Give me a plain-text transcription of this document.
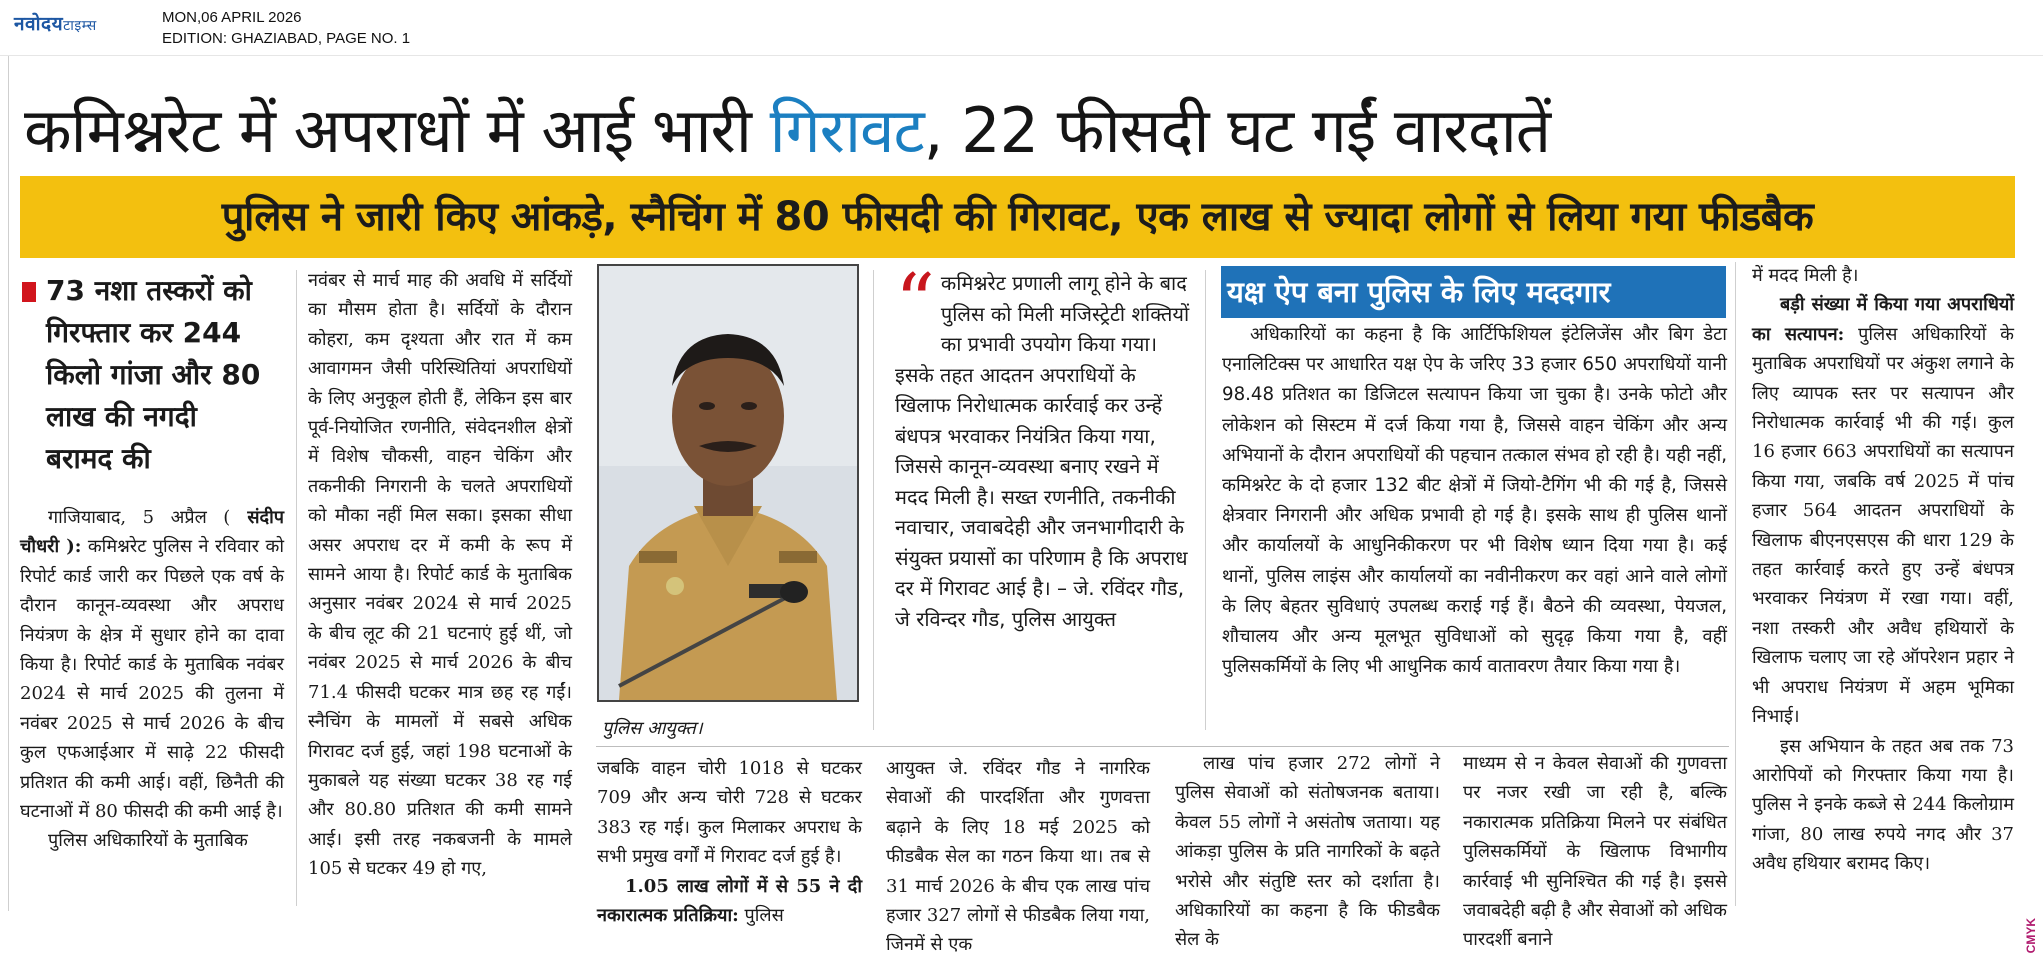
नवोदयटाइम्स	MON,06 APRIL 2026
EDITION: GHAZIABAD, PAGE NO. 1
कमिश्नरेट में अपराधों में आई भारी गिरावट, 22 फीसदी घट गईं वारदातें
पुलिस ने जारी किए आंकड़े, स्नैचिंग में 80 फीसदी की गिरावट, एक लाख से ज्यादा लोगों से लिया गया फीडबैक
73 नशा तस्करों को गिरफ्तार कर 244 किलो गांजा और 80 लाख की नगदी बरामद की

गाजियाबाद, 5 अप्रैल ( संदीप चौधरी ): कमिश्नरेट पुलिस ने रविवार को रिपोर्ट कार्ड जारी कर पिछले एक वर्ष के दौरान कानून-व्यवस्था और अपराध नियंत्रण के क्षेत्र में सुधार होने का दावा किया है। रिपोर्ट कार्ड के मुताबिक नवंबर 2024 से मार्च 2025 की तुलना में नवंबर 2025 से मार्च 2026 के बीच कुल एफआईआर में साढ़े 22 फीसदी प्रतिशत की कमी आई। वहीं, छिनैती की घटनाओं में 80 फीसदी की कमी आई है।

पुलिस अधिकारियों के मुताबिक

नवंबर से मार्च माह की अवधि में सर्दियों का मौसम होता है। सर्दियों के दौरान कोहरा, कम दृश्यता और रात में कम आवागमन जैसी परिस्थितियां अपराधियों के लिए अनुकूल होती हैं, लेकिन इस बार पूर्व-नियोजित रणनीति, संवेदनशील क्षेत्रों में विशेष चौकसी, वाहन चेकिंग और तकनीकी निगरानी के चलते अपराधियों को मौका नहीं मिल सका। इसका सीधा असर अपराध दर में कमी के रूप में सामने आया है। रिपोर्ट कार्ड के मुताबिक अनुसार नवंबर 2024 से मार्च 2025 के बीच लूट की 21 घटनाएं हुई थीं, जो नवंबर 2025 से मार्च 2026 के बीच 71.4 फीसदी घटकर मात्र छह रह गईं। स्नैचिंग के मामलों में सबसे अधिक गिरावट दर्ज हुई, जहां 198 घटनाओं के मुकाबले यह संख्या घटकर 38 रह गई और 80.80 प्रतिशत की कमी सामने आई। इसी तरह नकबजनी के मामले 105 से घटकर 49 हो गए,

पुलिस आयुक्त।
“ कमिश्नरेट प्रणाली लागू होने के बाद पुलिस को मिली मजिस्ट्रेटी शक्तियों का प्रभावी उपयोग किया गया। इसके तहत आदतन अपराधियों के खिलाफ निरोधात्मक कार्रवाई कर उन्हें बंधपत्र भरवाकर नियंत्रित किया गया, जिससे कानून-व्यवस्था बनाए रखने में मदद मिली है। सख्त रणनीति, तकनीकी नवाचार, जवाबदेही और जनभागीदारी के संयुक्त प्रयासों का परिणाम है कि अपराध दर में गिरावट आई है। – जे. रविंदर गौड, जे रविन्दर गौड, पुलिस आयुक्त
यक्ष ऐप बना पुलिस के लिए मददगार

अधिकारियों का कहना है कि आर्टिफिशियल इंटेलिजेंस और बिग डेटा एनालिटिक्स पर आधारित यक्ष ऐप के जरिए 33 हजार 650 अपराधियों यानी 98.48 प्रतिशत का डिजिटल सत्यापन किया जा चुका है। उनके फोटो और लोकेशन को सिस्टम में दर्ज किया गया है, जिससे वाहन चेकिंग और अन्य अभियानों के दौरान अपराधियों की पहचान तत्काल संभव हो रही है। यही नहीं, कमिश्नरेट के दो हजार 132 बीट क्षेत्रों में जियो-टैगिंग भी की गई है, जिससे क्षेत्रवार निगरानी और अधिक प्रभावी हो गई है। इसके साथ ही पुलिस थानों और कार्यालयों के आधुनिकीकरण पर भी विशेष ध्यान दिया गया है। कई थानों, पुलिस लाइंस और कार्यालयों का नवीनीकरण कर वहां आने वाले लोगों के लिए बेहतर सुविधाएं उपलब्ध कराई गई हैं। बैठने की व्यवस्था, पेयजल, शौचालय और अन्य मूलभूत सुविधाओं को सुदृढ़ किया गया है, वहीं पुलिसकर्मियों के लिए भी आधुनिक कार्य वातावरण तैयार किया गया है।

जबकि वाहन चोरी 1018 से घटकर 709 और अन्य चोरी 728 से घटकर 383 रह गई। कुल मिलाकर अपराध के सभी प्रमुख वर्गों में गिरावट दर्ज हुई है।

1.05 लाख लोगों में से 55 ने दी नकारात्मक प्रतिक्रिया: पुलिस

आयुक्त जे. रविंदर गौड ने नागरिक सेवाओं की पारदर्शिता और गुणवत्ता बढ़ाने के लिए 18 मई 2025 को फीडबैक सेल का गठन किया था। तब से 31 मार्च 2026 के बीच एक लाख पांच हजार 327 लोगों से फीडबैक लिया गया, जिनमें से एक

लाख पांच हजार 272 लोगों ने पुलिस सेवाओं को संतोषजनक बताया। केवल 55 लोगों ने असंतोष जताया। यह आंकड़ा पुलिस के प्रति नागरिकों के बढ़ते भरोसे और संतुष्टि स्तर को दर्शाता है। अधिकारियों का कहना है कि फीडबैक सेल के

माध्यम से न केवल सेवाओं की गुणवत्ता पर नजर रखी जा रही है, बल्कि नकारात्मक प्रतिक्रिया मिलने पर संबंधित पुलिसकर्मियों के खिलाफ विभागीय कार्रवाई भी सुनिश्चित की गई है। इससे जवाबदेही बढ़ी है और सेवाओं को अधिक पारदर्शी बनाने

में मदद मिली है।

बड़ी संख्या में किया गया अपराधियों का सत्यापन: पुलिस अधिकारियों के मुताबिक अपराधियों पर अंकुश लगाने के लिए व्यापक स्तर पर सत्यापन और निरोधात्मक कार्रवाई भी की गई। कुल 16 हजार 663 अपराधियों का सत्यापन किया गया, जबकि वर्ष 2025 में पांच हजार 564 आदतन अपराधियों के खिलाफ बीएनएसएस की धारा 129 के तहत कार्रवाई करते हुए उन्हें बंधपत्र भरवाकर नियंत्रण में रखा गया। वहीं, नशा तस्करी और अवैध हथियारों के खिलाफ चलाए जा रहे ऑपरेशन प्रहार ने भी अपराध नियंत्रण में अहम भूमिका निभाई।

इस अभियान के तहत अब तक 73 आरोपियों को गिरफ्तार किया गया है। पुलिस ने इनके कब्जे से 244 किलोग्राम गांजा, 80 लाख रुपये नगद और 37 अवैध हथियार बरामद किए।

CMYK
